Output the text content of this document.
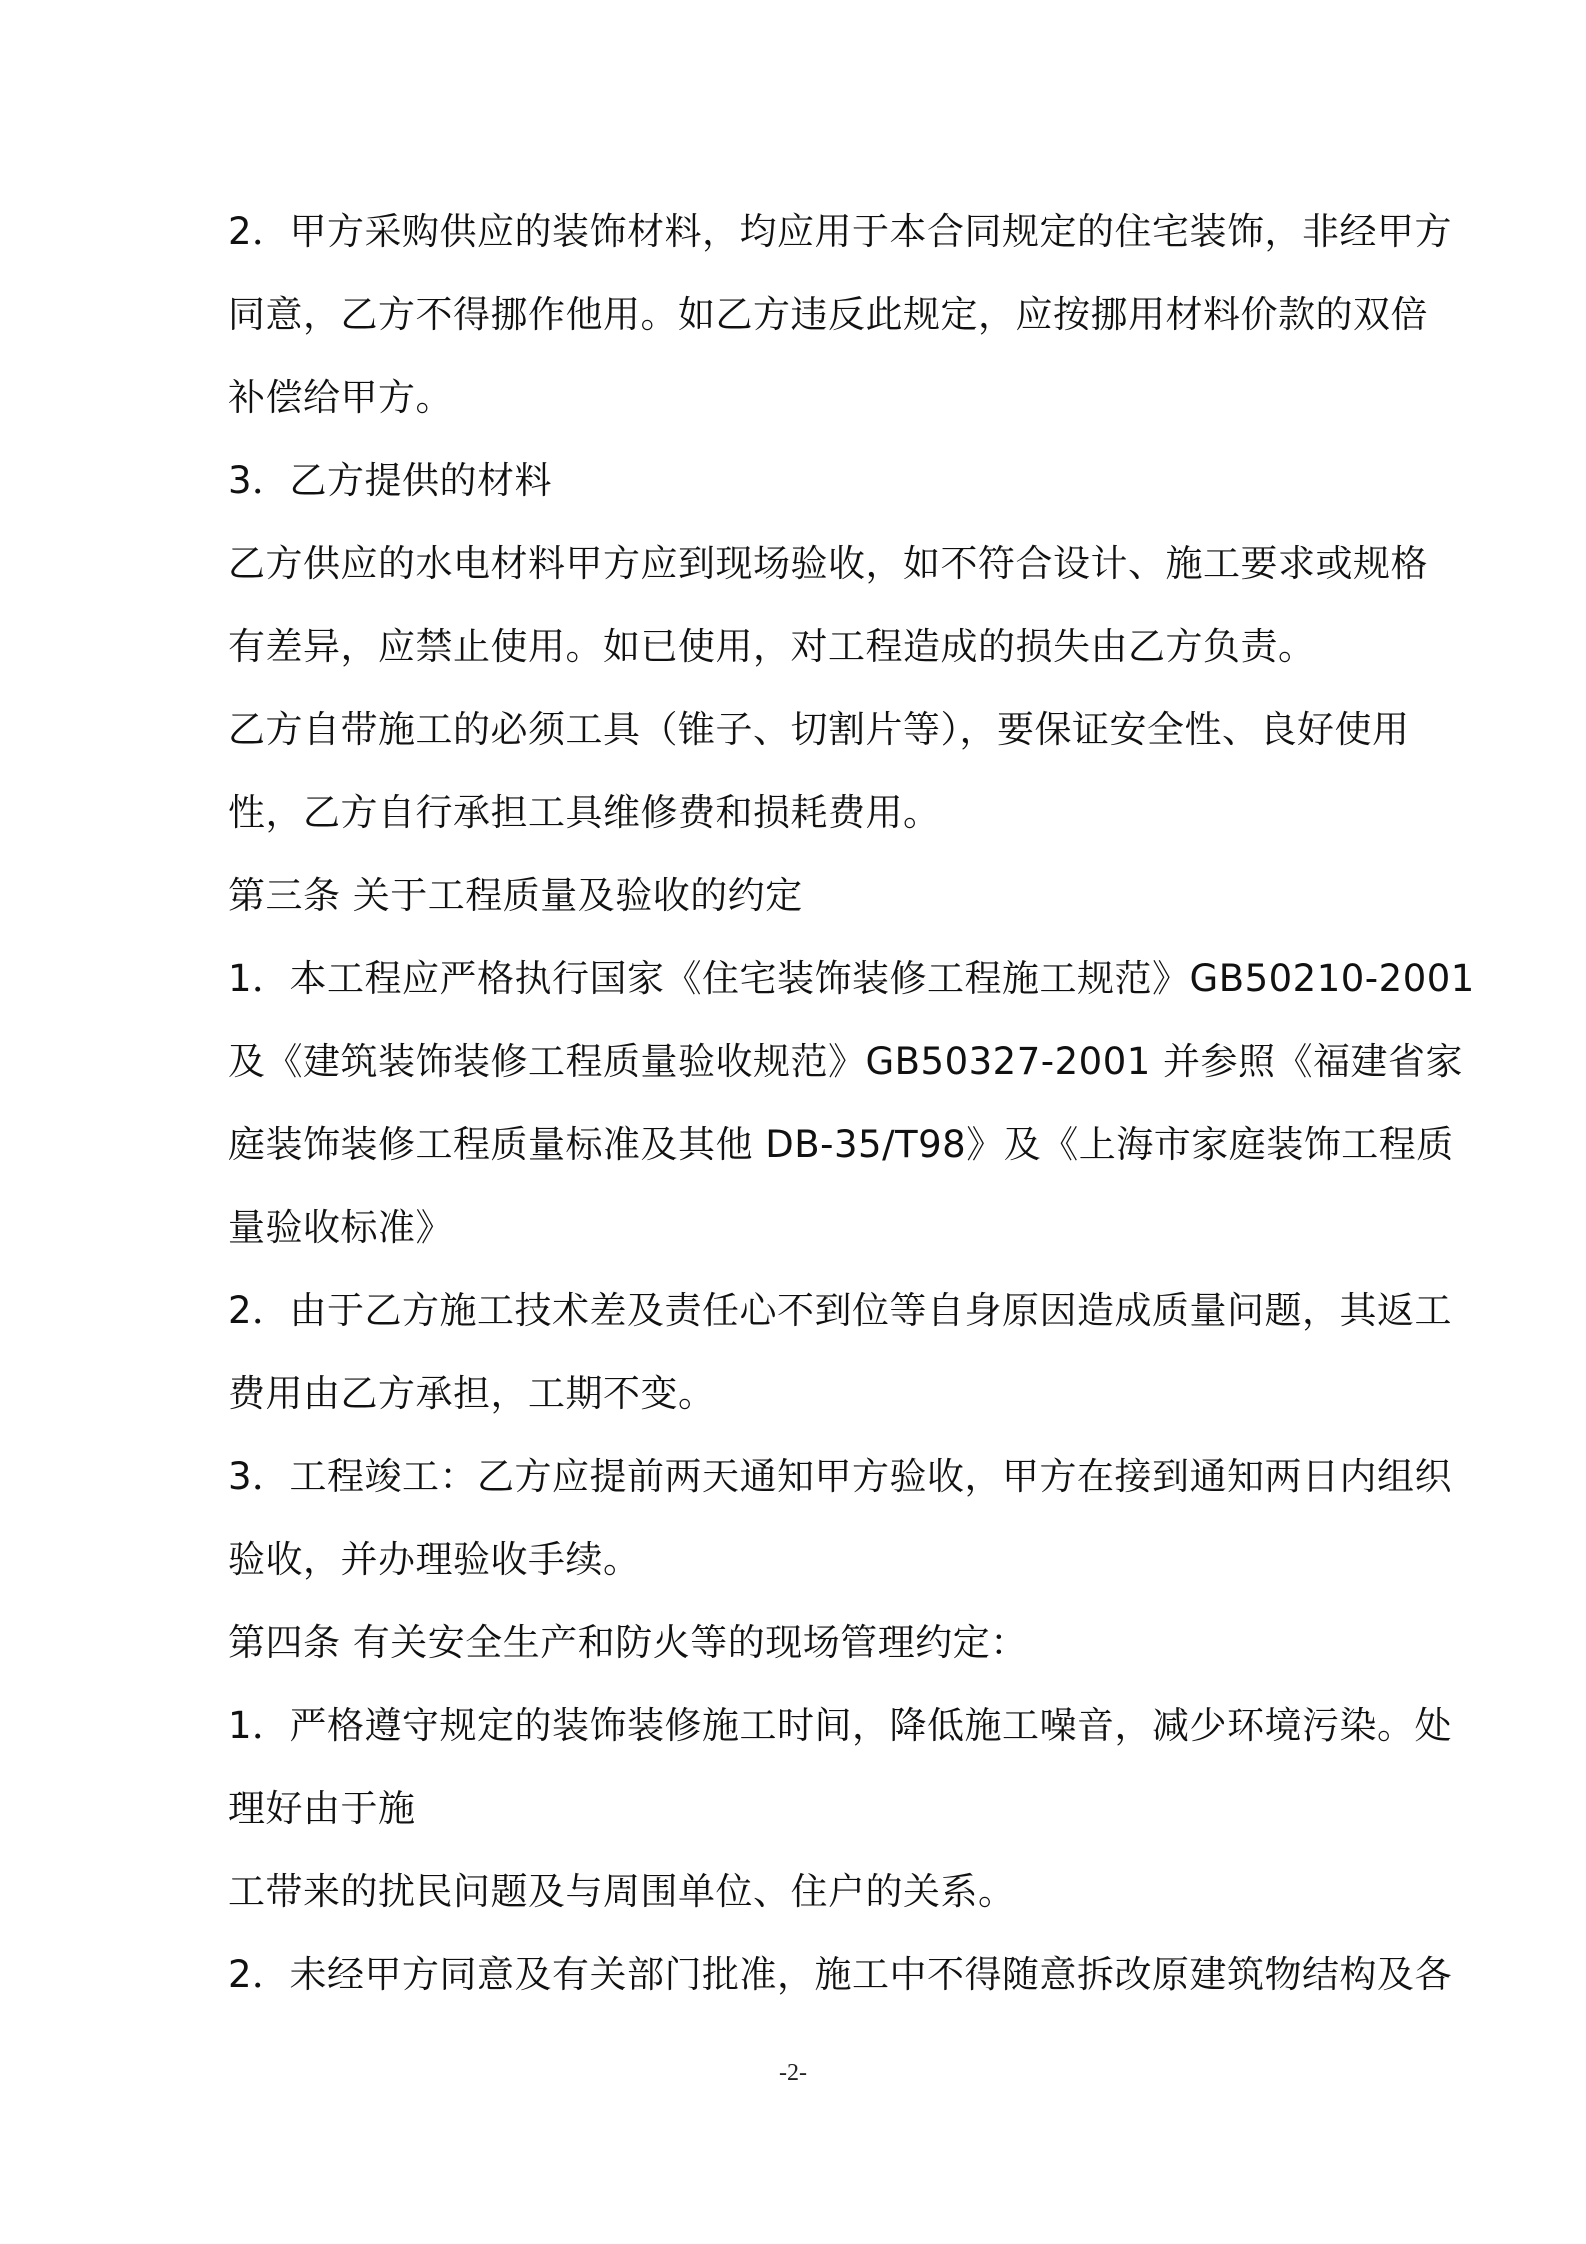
2．甲方采购供应的装饰材料，均应用于本合同规定的住宅装饰，非经甲方
同意，乙方不得挪作他用。如乙方违反此规定，应按挪用材料价款的双倍
补偿给甲方。
3．乙方提供的材料
乙方供应的水电材料甲方应到现场验收，如不符合设计、施工要求或规格
有差异，应禁止使用。如已使用，对工程造成的损失由乙方负责。
乙方自带施工的必须工具（锥子、切割片等），要保证安全性、良好使用
性，乙方自行承担工具维修费和损耗费用。
第三条 关于工程质量及验收的约定
1．本工程应严格执行国家《住宅装饰装修工程施工规范》GB50210-2001
及《建筑装饰装修工程质量验收规范》GB50327-2001 并参照《福建省家
庭装饰装修工程质量标准及其他 DB-35/T98》及《上海市家庭装饰工程质
量验收标准》
2．由于乙方施工技术差及责任心不到位等自身原因造成质量问题，其返工
费用由乙方承担，工期不变。
3．工程竣工：乙方应提前两天通知甲方验收，甲方在接到通知两日内组织
验收，并办理验收手续。
第四条 有关安全生产和防火等的现场管理约定：
1．严格遵守规定的装饰装修施工时间，降低施工噪音，减少环境污染。处
理好由于施
工带来的扰民问题及与周围单位、住户的关系。
2．未经甲方同意及有关部门批准，施工中不得随意拆改原建筑物结构及各
-2-
